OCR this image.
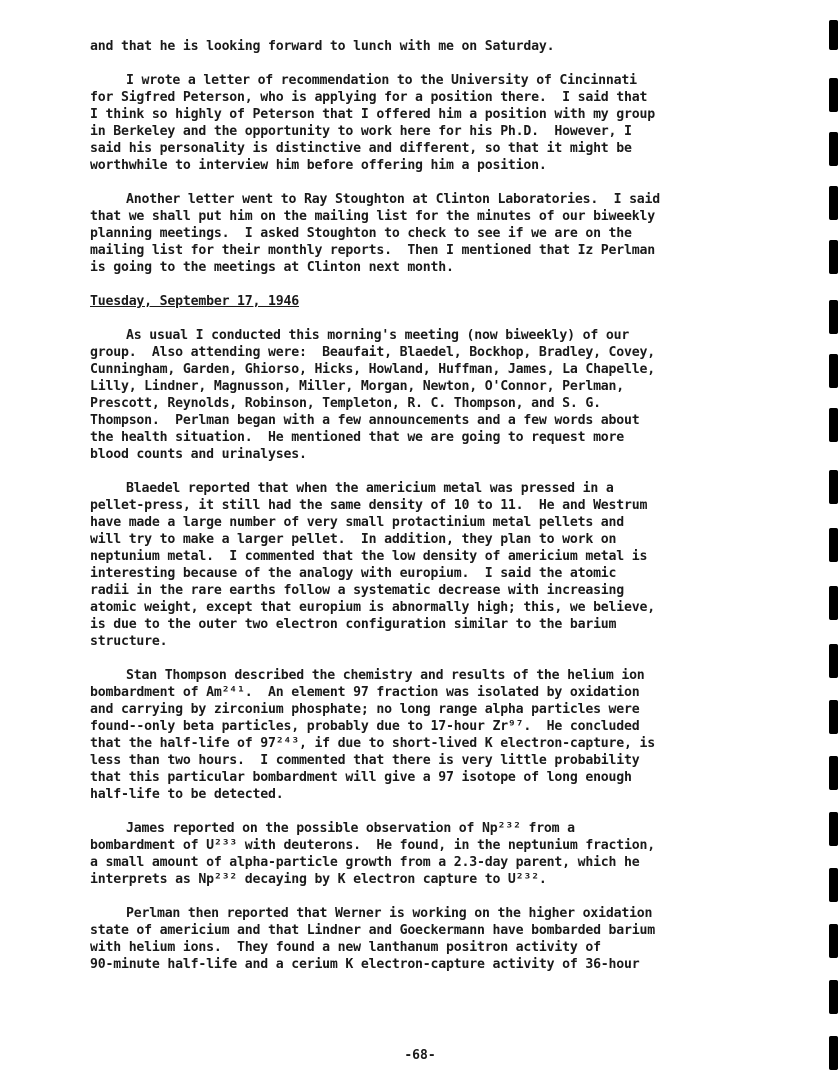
and that he is looking forward to lunch with me on Saturday.
I wrote a letter of recommendation to the University of Cincinnati
for Sigfred Peterson, who is applying for a position there.  I said that
I think so highly of Peterson that I offered him a position with my group
in Berkeley and the opportunity to work here for his Ph.D.  However, I
said his personality is distinctive and different, so that it might be
worthwhile to interview him before offering him a position.
Another letter went to Ray Stoughton at Clinton Laboratories.  I said
that we shall put him on the mailing list for the minutes of our biweekly
planning meetings.  I asked Stoughton to check to see if we are on the
mailing list for their monthly reports.  Then I mentioned that Iz Perlman
is going to the meetings at Clinton next month.
Tuesday, September 17, 1946
As usual I conducted this morning's meeting (now biweekly) of our
group.  Also attending were:  Beaufait, Blaedel, Bockhop, Bradley, Covey,
Cunningham, Garden, Ghiorso, Hicks, Howland, Huffman, James, La Chapelle,
Lilly, Lindner, Magnusson, Miller, Morgan, Newton, O'Connor, Perlman,
Prescott, Reynolds, Robinson, Templeton, R. C. Thompson, and S. G.
Thompson.  Perlman began with a few announcements and a few words about
the health situation.  He mentioned that we are going to request more
blood counts and urinalyses.
Blaedel reported that when the americium metal was pressed in a
pellet-press, it still had the same density of 10 to 11.  He and Westrum
have made a large number of very small protactinium metal pellets and
will try to make a larger pellet.  In addition, they plan to work on
neptunium metal.  I commented that the low density of americium metal is
interesting because of the analogy with europium.  I said the atomic
radii in the rare earths follow a systematic decrease with increasing
atomic weight, except that europium is abnormally high; this, we believe,
is due to the outer two electron configuration similar to the barium
structure.
Stan Thompson described the chemistry and results of the helium ion
bombardment of Am²⁴¹.  An element 97 fraction was isolated by oxidation
and carrying by zirconium phosphate; no long range alpha particles were
found--only beta particles, probably due to 17-hour Zr⁹⁷.  He concluded
that the half-life of 97²⁴³, if due to short-lived K electron-capture, is
less than two hours.  I commented that there is very little probability
that this particular bombardment will give a 97 isotope of long enough
half-life to be detected.
James reported on the possible observation of Np²³² from a
bombardment of U²³³ with deuterons.  He found, in the neptunium fraction,
a small amount of alpha-particle growth from a 2.3-day parent, which he
interprets as Np²³² decaying by K electron capture to U²³².
Perlman then reported that Werner is working on the higher oxidation
state of americium and that Lindner and Goeckermann have bombarded barium
with helium ions.  They found a new lanthanum positron activity of
90-minute half-life and a cerium K electron-capture activity of 36-hour
-68-
